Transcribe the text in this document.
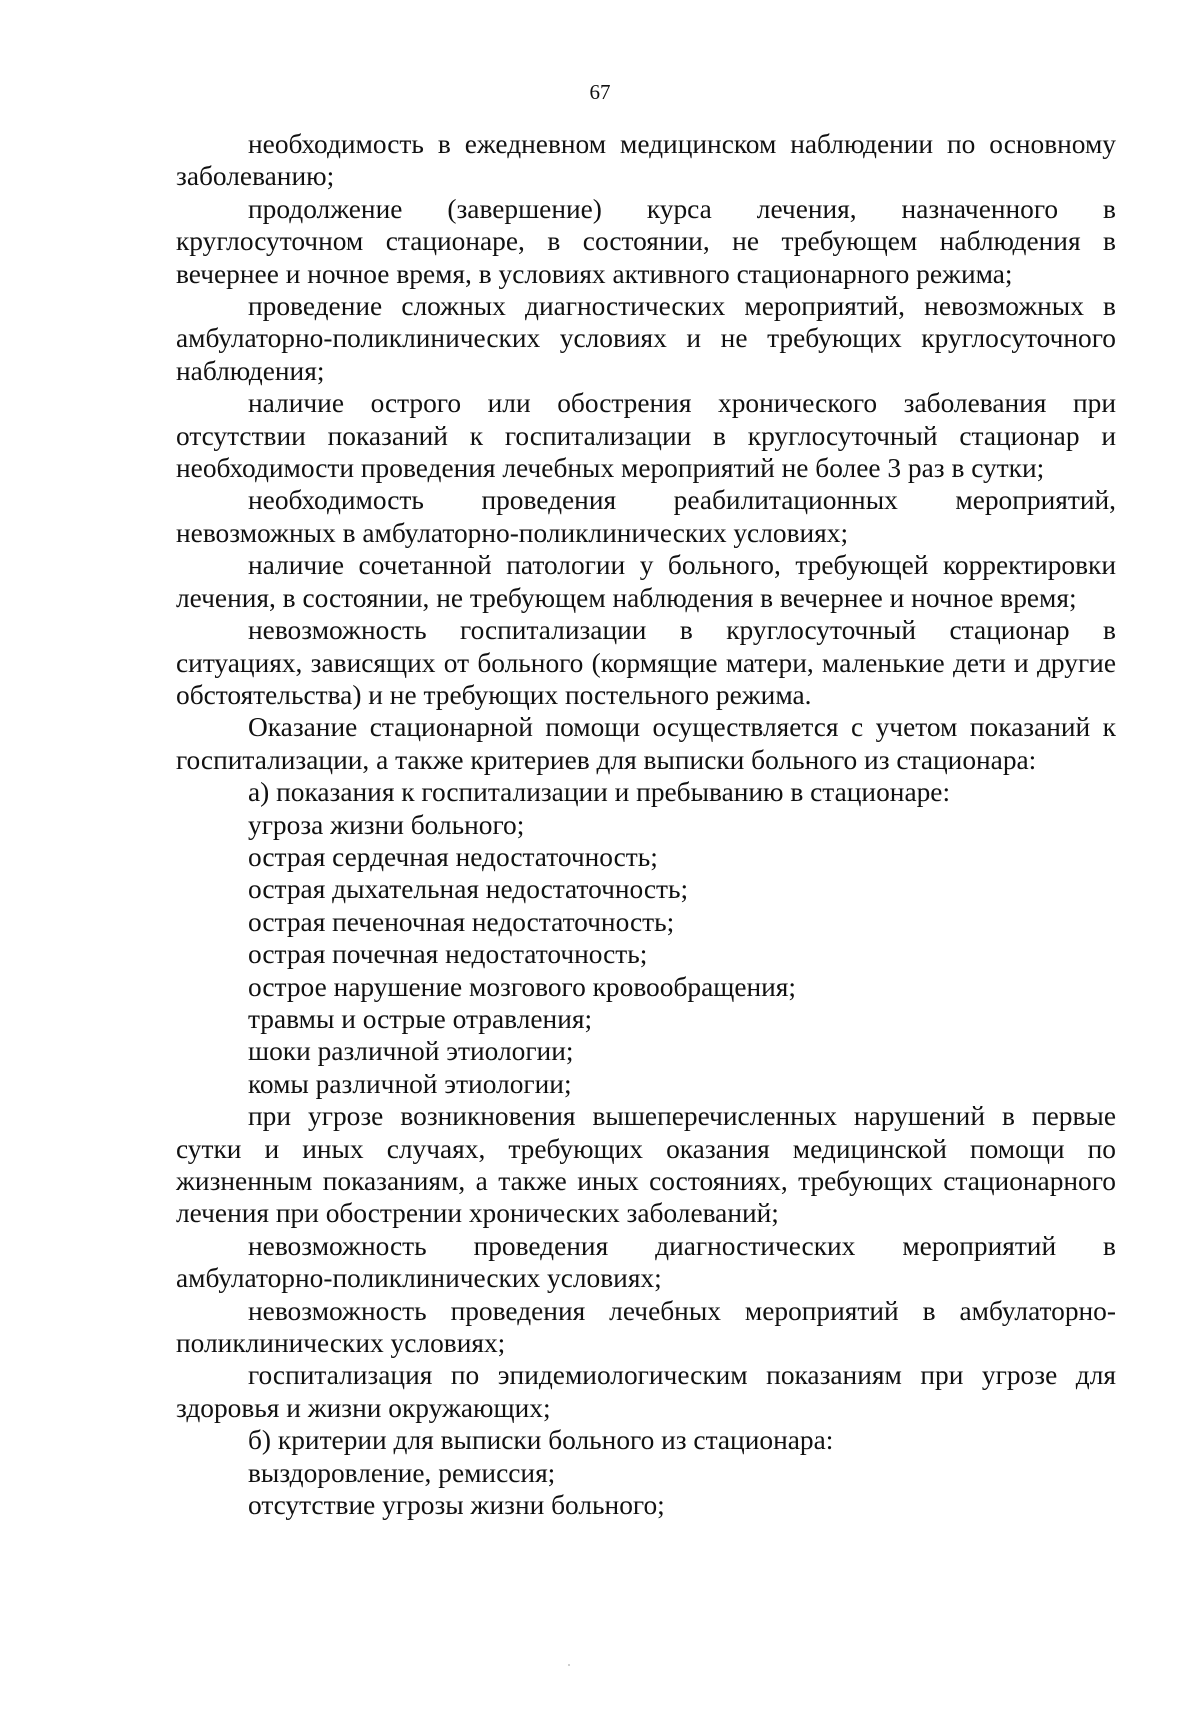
67

необходимость в ежедневном медицинском наблюдении по основному заболеванию;

продолжение (завершение) курса лечения, назначенного в круглосуточном стационаре, в состоянии, не требующем наблюдения в вечернее и ночное время, в условиях активного стационарного режима;

проведение сложных диагностических мероприятий, невозможных в амбулаторно-поликлинических условиях и не требующих круглосуточного наблюдения;

наличие острого или обострения хронического заболевания при отсутствии показаний к госпитализации в круглосуточный стационар и необходимости проведения лечебных мероприятий не более 3 раз в сутки;

необходимость проведения реабилитационных мероприятий, невозможных в амбулаторно-поликлинических условиях;

наличие сочетанной патологии у больного, требующей корректировки лечения, в состоянии, не требующем наблюдения в вечернее и ночное время;

невозможность госпитализации в круглосуточный стационар в ситуациях, зависящих от больного (кормящие матери, маленькие дети и другие обстоятельства) и не требующих постельного режима.

Оказание стационарной помощи осуществляется с учетом показаний к госпитализации, а также критериев для выписки больного из стационара:

а) показания к госпитализации и пребыванию в стационаре:

угроза жизни больного;

острая сердечная недостаточность;

острая дыхательная недостаточность;

острая печеночная недостаточность;

острая почечная недостаточность;

острое нарушение мозгового кровообращения;

травмы и острые отравления;

шоки различной этиологии;

комы различной этиологии;

при угрозе возникновения вышеперечисленных нарушений в первые сутки и иных случаях, требующих оказания медицинской помощи по жизненным показаниям, а также иных состояниях, требующих стационарного лечения при обострении хронических заболеваний;

невозможность проведения диагностических мероприятий в амбулаторно-поликлинических условиях;

невозможность проведения лечебных мероприятий в амбулаторно-поликлинических условиях;

госпитализация по эпидемиологическим показаниям при угрозе для здоровья и жизни окружающих;

б) критерии для выписки больного из стационара:

выздоровление, ремиссия;

отсутствие угрозы жизни больного;
